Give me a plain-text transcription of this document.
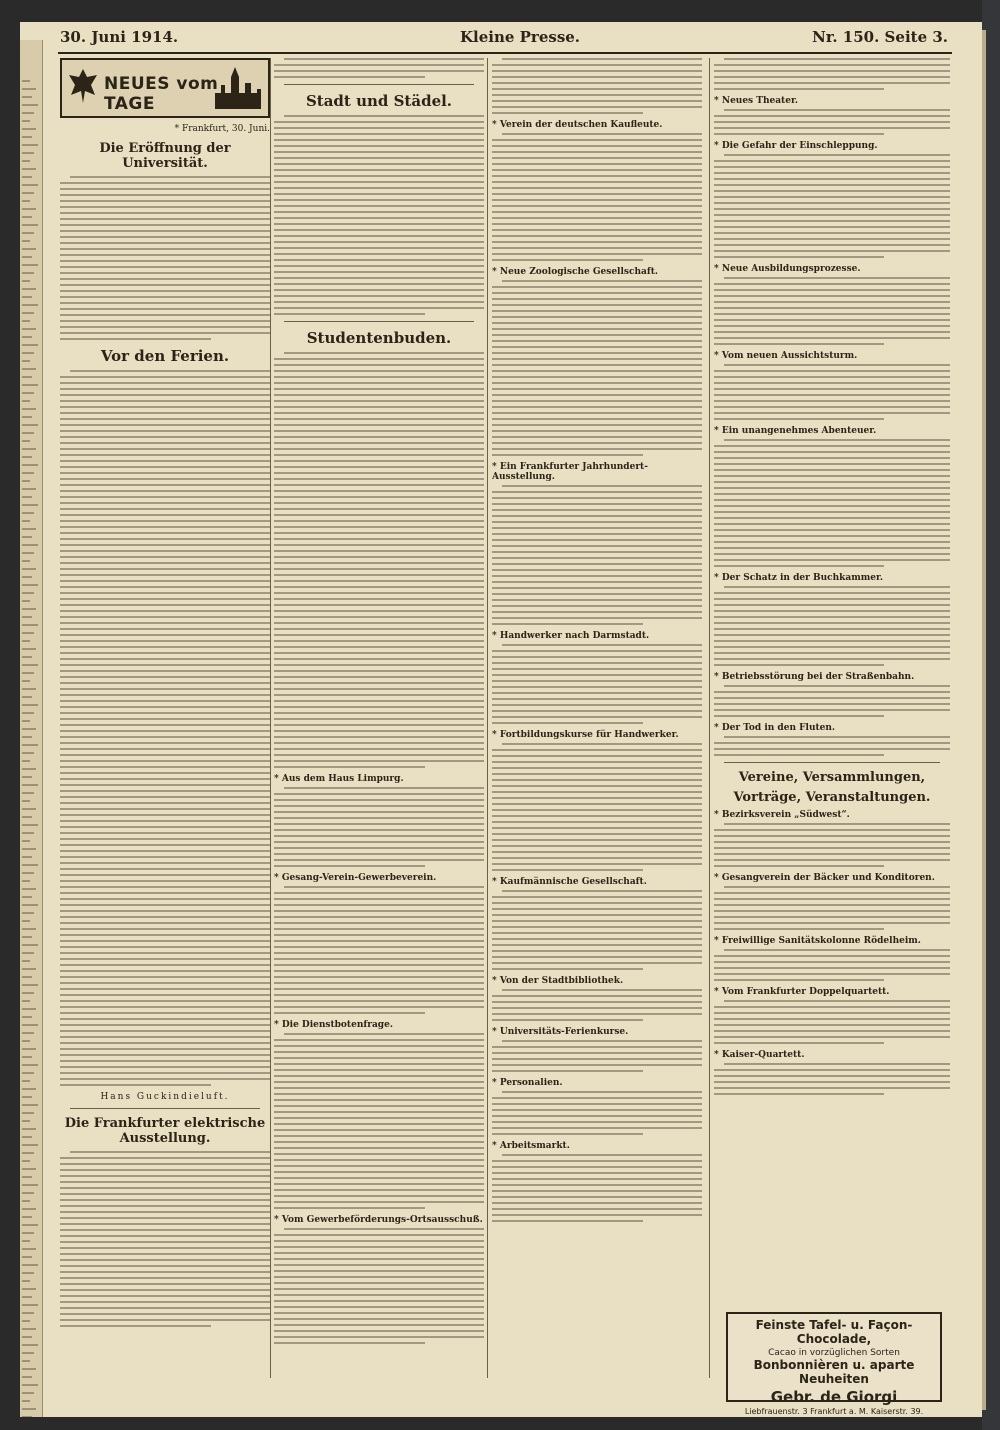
30. Juni 1914.	Kleine Presse.	Nr. 150. Seite 3.
NEUES vom TAGE
* Frankfurt, 30. Juni.
Die Eröffnung der Universität.
Vor den Ferien.
Hans Guckindieluft.
Die Frankfurter elektrische Ausstellung.
Stadt und Städel.
Studentenbuden.
* Aus dem Haus Limpurg.
* Gesang-Verein-Gewerbeverein.
* Die Dienstbotenfrage.
* Vom Gewerbeförderungs-Ortsausschuß.
* Verein der deutschen Kaufleute.
* Neue Zoologische Gesellschaft.
* Ein Frankfurter Jahrhundert-Ausstellung.
* Handwerker nach Darmstadt.
* Fortbildungskurse für Handwerker.
* Kaufmännische Gesellschaft.
* Von der Stadtbibliothek.
* Universitäts-Ferienkurse.
* Personalien.
* Arbeitsmarkt.
* Neues Theater.
* Die Gefahr der Einschleppung.
* Neue Ausbildungsprozesse.
* Vom neuen Aussichtsturm.
* Ein unangenehmes Abenteuer.
* Der Schatz in der Buchkammer.
* Betriebsstörung bei der Straßenbahn.
* Der Tod in den Fluten.
Vereine, Versammlungen,
Vorträge, Veranstaltungen.
* Bezirksverein „Südwest“.
* Gesangverein der Bäcker und Konditoren.
* Freiwillige Sanitätskolonne Rödelheim.
* Vom Frankfurter Doppelquartett.
* Kaiser-Quartett.
Feinste Tafel- u. Façon-Chocolade,
Cacao in vorzüglichen Sorten
Bonbonnièren u. aparte Neuheiten
Gebr. de Giorgi
Liebfrauenstr. 3 Frankfurt a. M. Kaiserstr. 39.
